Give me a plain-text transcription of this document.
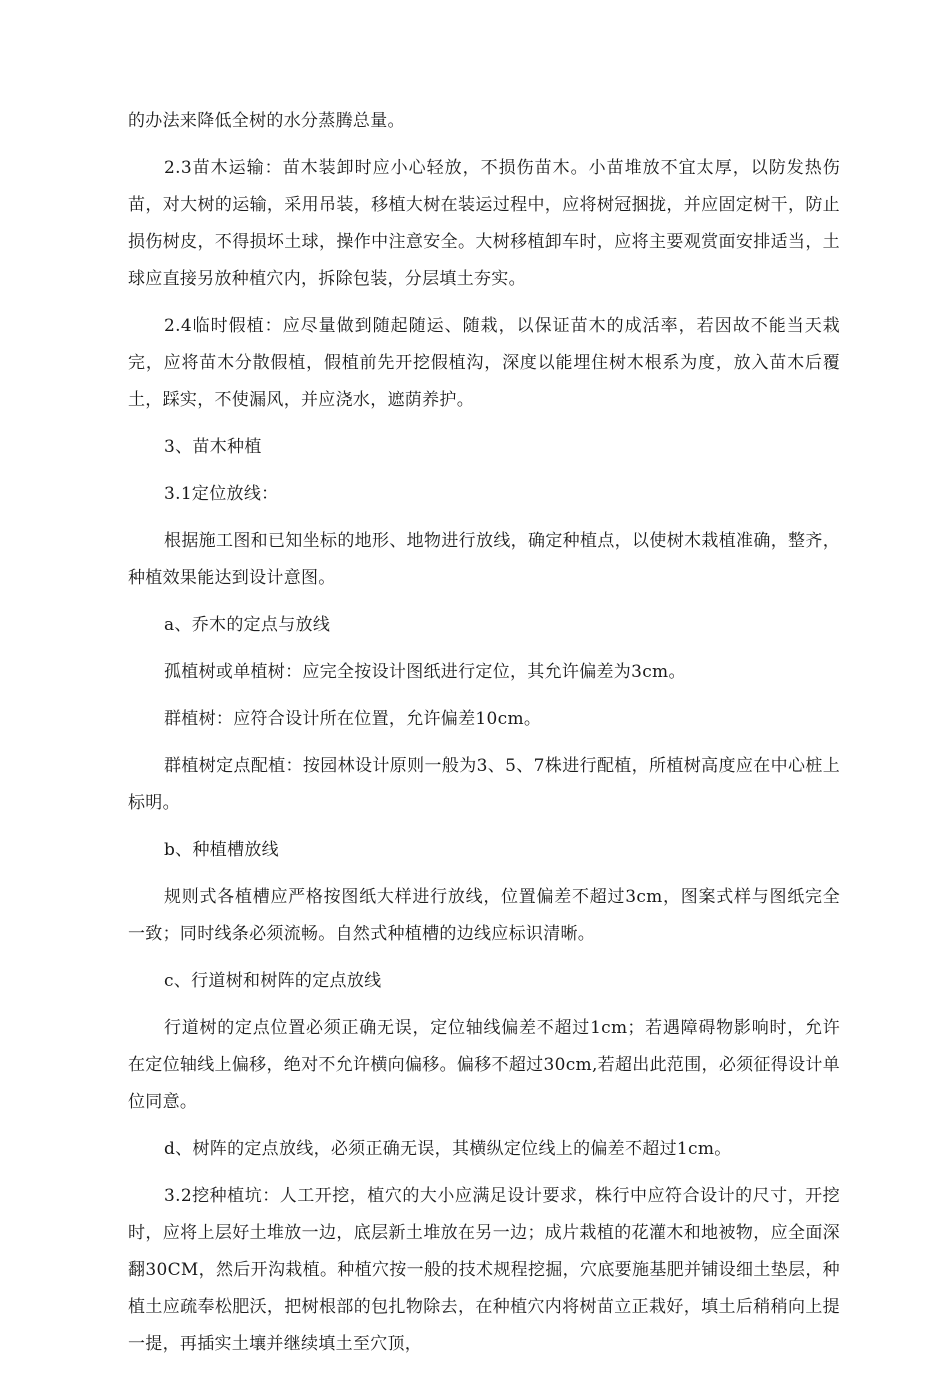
的办法来降低全树的水分蒸腾总量。

2.3苗木运输：苗木装卸时应小心轻放，不损伤苗木。小苗堆放不宜太厚，以防发热伤苗，对大树的运输，采用吊装，移植大树在装运过程中，应将树冠捆拢，并应固定树干，防止损伤树皮，不得损坏土球，操作中注意安全。大树移植卸车时，应将主要观赏面安排适当，土球应直接另放种植穴内，拆除包装，分层填土夯实。

2.4临时假植：应尽量做到随起随运、随栽，以保证苗木的成活率，若因故不能当天栽完，应将苗木分散假植，假植前先开挖假植沟，深度以能埋住树木根系为度，放入苗木后覆土，踩实，不使漏风，并应浇水，遮荫养护。

3、苗木种植

3.1定位放线：

根据施工图和已知坐标的地形、地物进行放线，确定种植点，以使树木栽植准确，整齐，种植效果能达到设计意图。

a、乔木的定点与放线

孤植树或单植树：应完全按设计图纸进行定位，其允许偏差为3cm。

群植树：应符合设计所在位置，允许偏差10cm。

群植树定点配植：按园林设计原则一般为3、5、7株进行配植，所植树高度应在中心桩上标明。

b、种植槽放线

规则式各植槽应严格按图纸大样进行放线，位置偏差不超过3cm，图案式样与图纸完全一致；同时线条必须流畅。自然式种植槽的边线应标识清晰。

c、行道树和树阵的定点放线

行道树的定点位置必须正确无误，定位轴线偏差不超过1cm；若遇障碍物影响时，允许在定位轴线上偏移，绝对不允许横向偏移。偏移不超过30cm,若超出此范围，必须征得设计单位同意。

d、树阵的定点放线，必须正确无误，其横纵定位线上的偏差不超过1cm。

3.2挖种植坑：人工开挖，植穴的大小应满足设计要求，株行中应符合设计的尺寸，开挖时，应将上层好土堆放一边，底层新土堆放在另一边；成片栽植的花灌木和地被物，应全面深翻30CM，然后开沟栽植。种植穴按一般的技术规程挖掘，穴底要施基肥并铺设细土垫层，种植土应疏奉松肥沃，把树根部的包扎物除去，在种植穴内将树苗立正栽好，填土后稍稍向上提一提，再插实土壤并继续填土至穴顶，
